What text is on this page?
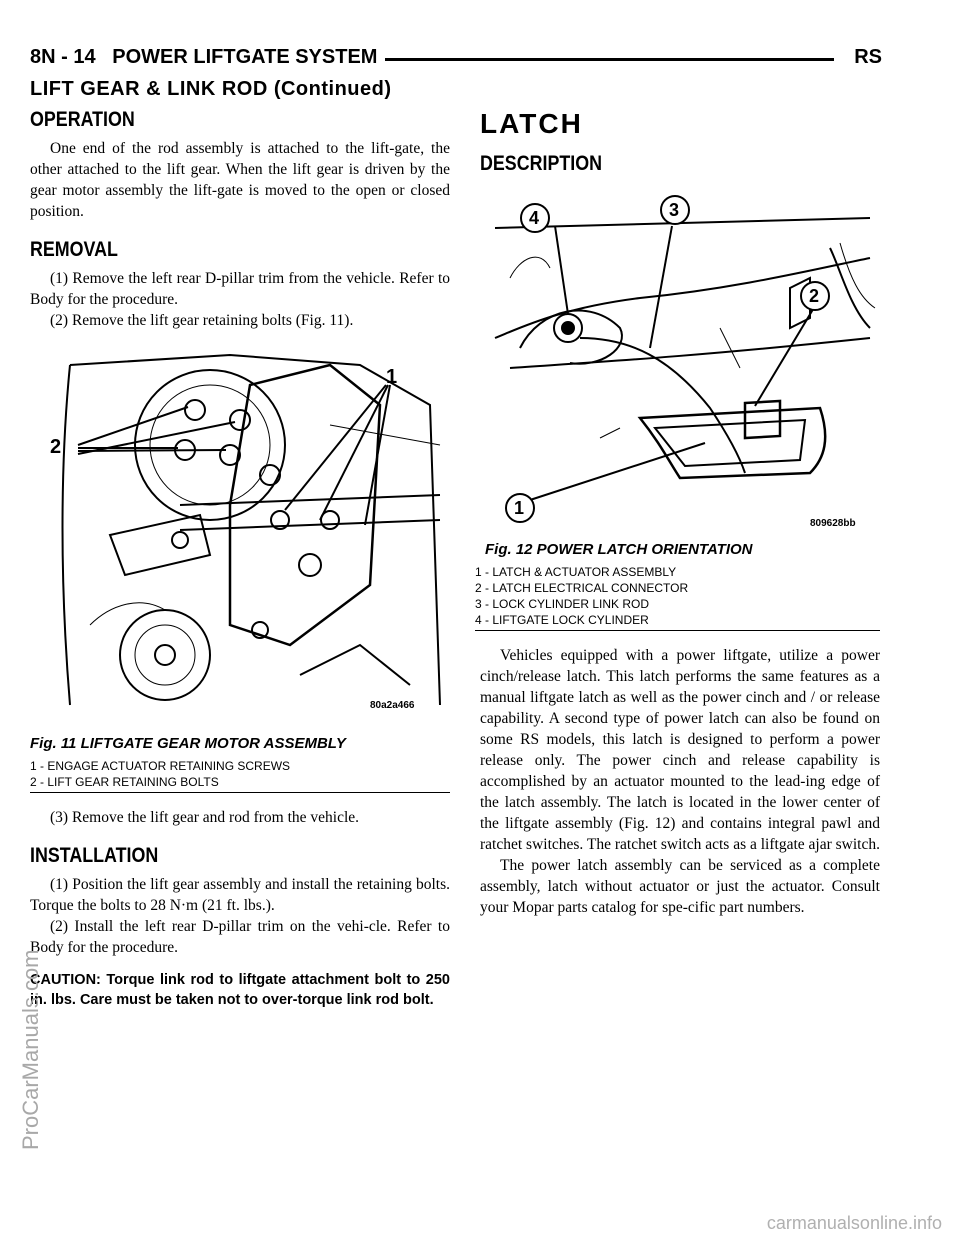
8N - 14 POWER LIFTGATE SYSTEM	RS
LIFT GEAR & LINK ROD (Continued)
OPERATION

One end of the rod assembly is attached to the lift-gate, the other attached to the lift gear. When the lift gear is driven by the gear motor assembly the lift-gate is moved to the open or closed position.

REMOVAL

(1) Remove the left rear D-pillar trim from the vehicle. Refer to Body for the procedure.

(2) Remove the lift gear retaining bolts (Fig. 11).

2
1
80a2a466
Fig. 11 LIFTGATE GEAR MOTOR ASSEMBLY
1 - ENGAGE ACTUATOR RETAINING SCREWS
2 - LIFT GEAR RETAINING BOLTS

(3) Remove the lift gear and rod from the vehicle.

INSTALLATION

(1) Position the lift gear assembly and install the retaining bolts. Torque the bolts to 28 N·m (21 ft. lbs.).

(2) Install the left rear D-pillar trim on the vehi-cle. Refer to Body for the procedure.

CAUTION: Torque link rod to liftgate attachment bolt to 250 in. lbs. Care must be taken not to over-torque link rod bolt.

LATCH
DESCRIPTION
4	3
2
1
809628bb
Fig. 12 POWER LATCH ORIENTATION
1 - LATCH & ACTUATOR ASSEMBLY
2 - LATCH ELECTRICAL CONNECTOR
3 - LOCK CYLINDER LINK ROD
4 - LIFTGATE LOCK CYLINDER

Vehicles equipped with a power liftgate, utilize a power cinch/release latch. This latch performs the same features as a manual liftgate latch as well as the power cinch and / or release capability. A second type of power latch can also be found on some RS models, this latch is designed to perform a power release only. The power cinch and release capability is accomplished by an actuator mounted to the lead-ing edge of the latch assembly. The latch is located in the lower center of the liftgate assembly (Fig. 12) and contains integral pawl and ratchet switches. The ratchet switch acts as a liftgate ajar switch.

The power latch assembly can be serviced as a complete assembly, latch without actuator or just the actuator. Consult your Mopar parts catalog for spe-cific part numbers.

ProCarManuals.com
carmanualsonline.info
